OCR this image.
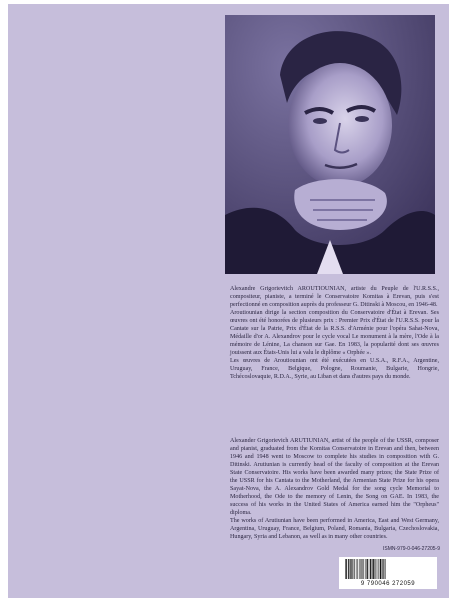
Alexandre Grigorievitch AROUTIOUNIAN, artiste du Peuple de l'U.R.S.S., compositeur, pianiste, a terminé le Conservatoire Komitas à Erevan, puis s'est perfectionné en composition auprès du professeur G. Ditinski à Moscou, en 1946-48.

Aroutiounian dirige la section composition du Conservatoire d'État à Erevan. Ses œuvres ont été honorées de plusieurs prix : Premier Prix d'État de l'U.R.S.S. pour la Cantate sur la Patrie, Prix d'État de la R.S.S. d'Arménie pour l'opéra Sahat-Nova, Médaille d'or A. Alexandrov pour le cycle vocal Le monument à la mère, l'Ode à la mémoire de Lénine, La chanson sur Gae. En 1983, la popularité dont ses œuvres jouissent aux États-Unis lui a valu le diplôme « Orphée ».

Les œuvres de Aroutiounian ont été exécutées en U.S.A., R.F.A., Argentine, Uruguay, France, Belgique, Pologne, Roumanie, Bulgarie, Hongrie, Tchécoslovaquie, R.D.A., Syrie, au Liban et dans d'autres pays du monde.

Alexander Grigorievich ARUTIUNIAN, artist of the people of the USSR, composer and pianist, graduated from the Komitas Conservatoire in Erevan and then, between 1946 and 1948 went to Moscow to complete his studies in composition with G. Ditinski. Arutiunian is currently head of the faculty of composition at the Erevan State Conservatoire. His works have been awarded many prizes; the State Prize of the USSR for his Cantata to the Motherland, the Armenian State Prize for his opera Sayat-Nova, the A. Alexandrov Gold Medal for the song cycle Memorial to Motherhood, the Ode to the memory of Lenin, the Song on GAE. In 1983, the success of his works in the United States of America earned him the "Orpheus" diploma.

The works of Arutiunian have been performed in America, East and West Germany, Argentina, Uruguay, France, Belgium, Poland, Romania, Bulgaria, Czechoslovakia, Hungary, Syria and Lebanon, as well as in many other countries.

ISMN-979-0-046-27205-9
9 790046 272059
